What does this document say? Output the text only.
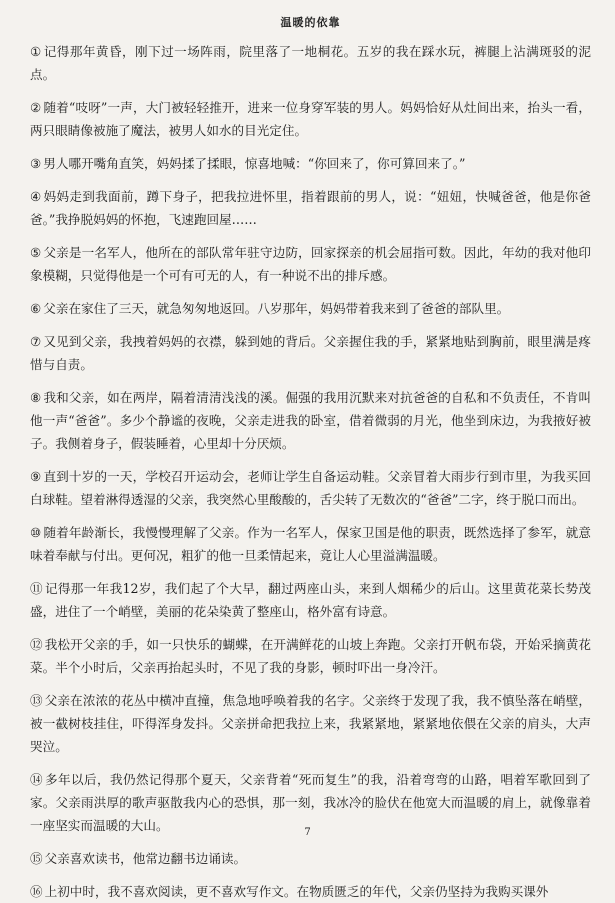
温暖的依靠
① 记得那年黄昏，刚下过一场阵雨，院里落了一地桐花。五岁的我在踩水玩，裤腿上沾满斑驳的泥点。
② 随着“吱呀”一声，大门被轻轻推开，进来一位身穿军装的男人。妈妈恰好从灶间出来，抬头一看，两只眼睛像被施了魔法，被男人如水的目光定住。
③ 男人哪开嘴角直笑，妈妈揉了揉眼，惊喜地喊：“你回来了，你可算回来了。”
④ 妈妈走到我面前，蹲下身子，把我拉进怀里，指着跟前的男人，说：“妞妞，快喊爸爸，他是你爸爸。”我挣脱妈妈的怀抱，飞速跑回屋……
⑤ 父亲是一名军人，他所在的部队常年驻守边防，回家探亲的机会屈指可数。因此，年幼的我对他印象模糊，只觉得他是一个可有可无的人，有一种说不出的排斥感。
⑥ 父亲在家住了三天，就急匆匆地返回。八岁那年，妈妈带着我来到了爸爸的部队里。
⑦ 又见到父亲，我拽着妈妈的衣襟，躲到她的背后。父亲握住我的手，紧紧地贴到胸前，眼里满是疼惜与自责。
⑧ 我和父亲，如在两岸，隔着清清浅浅的溪。倔强的我用沉默来对抗爸爸的自私和不负责任，不肯叫他一声“爸爸”。多少个静谧的夜晚，父亲走进我的卧室，借着微弱的月光，他坐到床边，为我掖好被子。我侧着身子，假装睡着，心里却十分厌烦。
⑨ 直到十岁的一天，学校召开运动会，老师让学生自备运动鞋。父亲冒着大雨步行到市里，为我买回白球鞋。望着淋得透湿的父亲，我突然心里酸酸的，舌尖转了无数次的“爸爸”二字，终于脱口而出。
⑩ 随着年龄渐长，我慢慢理解了父亲。作为一名军人，保家卫国是他的职责，既然选择了参军，就意味着奉献与付出。更何况，粗犷的他一旦柔情起来，竟让人心里溢满温暖。
⑪ 记得那一年我12岁，我们起了个大早，翻过两座山头，来到人烟稀少的后山。这里黄花菜长势茂盛，进住了一个峭壁，美丽的花朵染黄了整座山，格外富有诗意。
⑫ 我松开父亲的手，如一只快乐的蝴蝶，在开满鲜花的山坡上奔跑。父亲打开帆布袋，开始采摘黄花菜。半个小时后，父亲再抬起头时，不见了我的身影，顿时吓出一身冷汗。
⑬ 父亲在浓浓的花丛中横冲直撞，焦急地呼唤着我的名字。父亲终于发现了我，我不慎坠落在峭壁，被一截树枝挂住，吓得浑身发抖。父亲拼命把我拉上来，我紧紧地，紧紧地依偎在父亲的肩头，大声哭泣。
⑭ 多年以后，我仍然记得那个夏天，父亲背着“死而复生”的我，沿着弯弯的山路，唱着军歌回到了家。父亲雨洪厚的歌声驱散我内心的恐惧，那一刻，我冰冷的脸伏在他宽大而温暖的肩上，就像靠着一座坚实而温暖的大山。
⑮ 父亲喜欢读书，他常边翻书边诵读。
⑯ 上初中时，我不喜欢阅读，更不喜欢写作文。在物质匮乏的年代，父亲仍坚持为我购买课外
7
